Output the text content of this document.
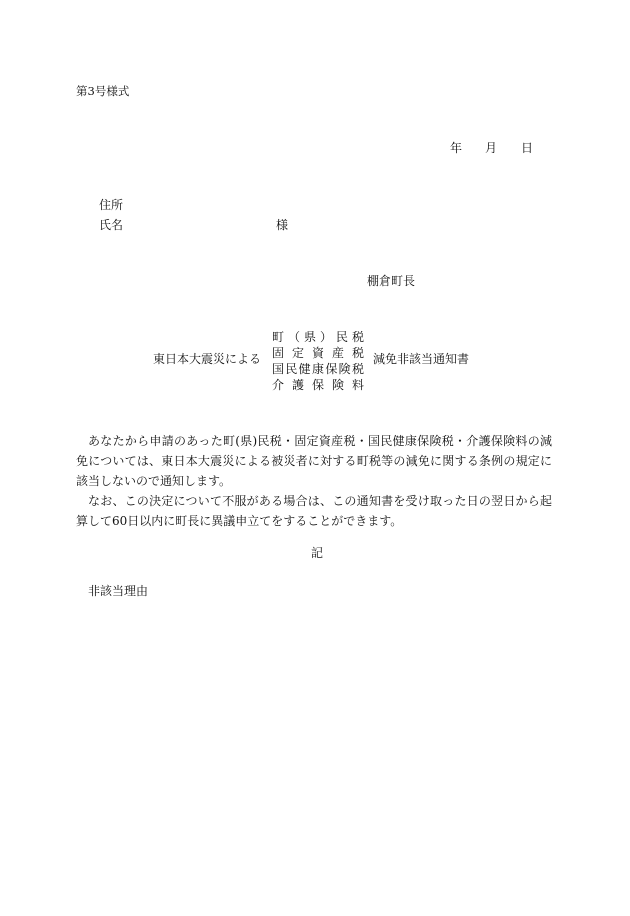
第3号様式
年 月 日
住所
氏名	様
棚倉町長
東日本大震災による
町（県）民税
固定資産税
国民健康保険税
介護保険料
減免非該当通知書

あなたから申請のあった町(県)民税・固定資産税・国民健康保険税・介護保険料の減免については、東日本大震災による被災者に対する町税等の減免に関する条例の規定に該当しないので通知します。

なお、この決定について不服がある場合は、この通知書を受け取った日の翌日から起算して60日以内に町長に異議申立てをすることができます。

記
非該当理由
